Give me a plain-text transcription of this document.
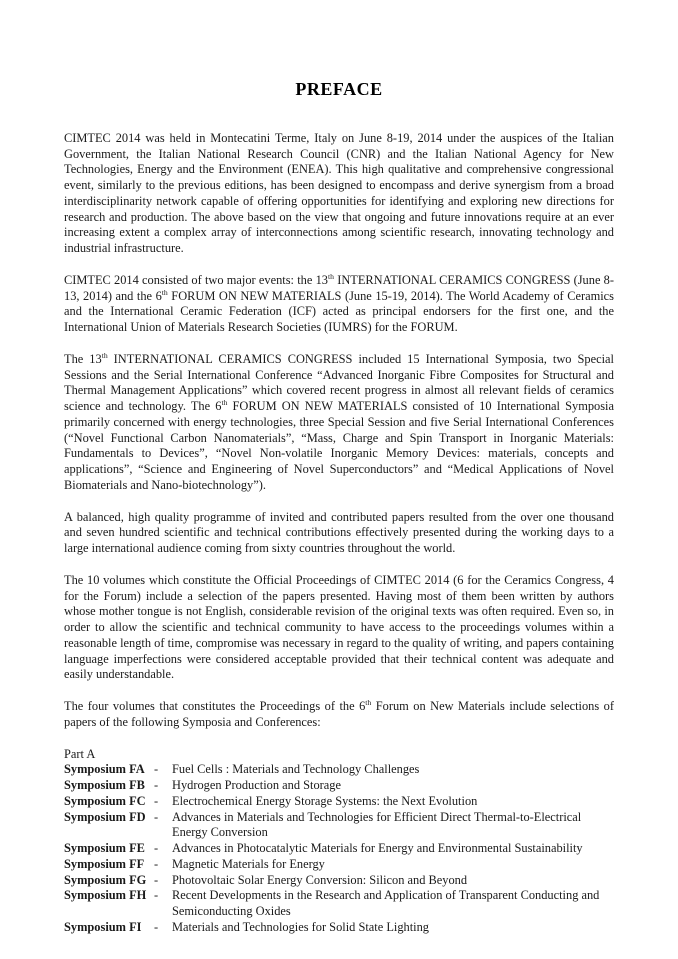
PREFACE

CIMTEC 2014 was held in Montecatini Terme, Italy on June 8-19, 2014 under the auspices of the Italian Government, the Italian National Research Council (CNR) and the Italian National Agency for New Technologies, Energy and the Environment (ENEA). This high qualitative and comprehensive congressional event, similarly to the previous editions, has been designed to encompass and derive synergism from a broad interdisciplinarity network capable of offering opportunities for identifying and exploring new directions for research and production. The above based on the view that ongoing and future innovations require at an ever increasing extent a complex array of interconnections among scientific research, innovating technology and industrial infrastructure.

CIMTEC 2014 consisted of two major events: the 13th INTERNATIONAL CERAMICS CONGRESS (June 8-13, 2014) and the 6th FORUM ON NEW MATERIALS (June 15-19, 2014). The World Academy of Ceramics and the International Ceramic Federation (ICF) acted as principal endorsers for the first one, and the International Union of Materials Research Societies (IUMRS) for the FORUM.

The 13th INTERNATIONAL CERAMICS CONGRESS included 15 International Symposia, two Special Sessions and the Serial International Conference “Advanced Inorganic Fibre Composites for Structural and Thermal Management Applications” which covered recent progress in almost all relevant fields of ceramics science and technology. The 6th FORUM ON NEW MATERIALS consisted of 10 International Symposia primarily concerned with energy technologies, three Special Session and five Serial International Conferences (“Novel Functional Carbon Nanomaterials”, “Mass, Charge and Spin Transport in Inorganic Materials: Fundamentals to Devices”, “Novel Non-volatile Inorganic Memory Devices: materials, concepts and applications”, “Science and Engineering of Novel Superconductors” and “Medical Applications of Novel Biomaterials and Nano-biotechnology”).

A balanced, high quality programme of invited and contributed papers resulted from the over one thousand and seven hundred scientific and technical contributions effectively presented during the working days to a large international audience coming from sixty countries throughout the world.

The 10 volumes which constitute the Official Proceedings of CIMTEC 2014 (6 for the Ceramics Congress, 4 for the Forum) include a selection of the papers presented. Having most of them been written by authors whose mother tongue is not English, considerable revision of the original texts was often required. Even so, in order to allow the scientific and technical community to have access to the proceedings volumes within a reasonable length of time, compromise was necessary in regard to the quality of writing, and papers containing language imperfections were considered acceptable provided that their technical content was adequate and easily understandable.

The four volumes that constitutes the Proceedings of the 6th Forum on New Materials include selections of papers of the following Symposia and Conferences:

Part A

Symposium FA -	Fuel Cells : Materials and Technology Challenges
Symposium FB -	Hydrogen Production and Storage
Symposium FC -	Electrochemical Energy Storage Systems: the Next Evolution
Symposium FD -	Advances in Materials and Technologies for Efficient Direct Thermal-to-Electrical Energy Conversion
Symposium FE -	Advances in Photocatalytic Materials for Energy and Environmental Sustainability
Symposium FF -	Magnetic Materials for Energy
Symposium FG -	Photovoltaic Solar Energy Conversion: Silicon and Beyond
Symposium FH -	Recent Developments in the Research and Application of Transparent Conducting and Semiconducting Oxides
Symposium FI	-	Materials and Technologies for Solid State Lighting
